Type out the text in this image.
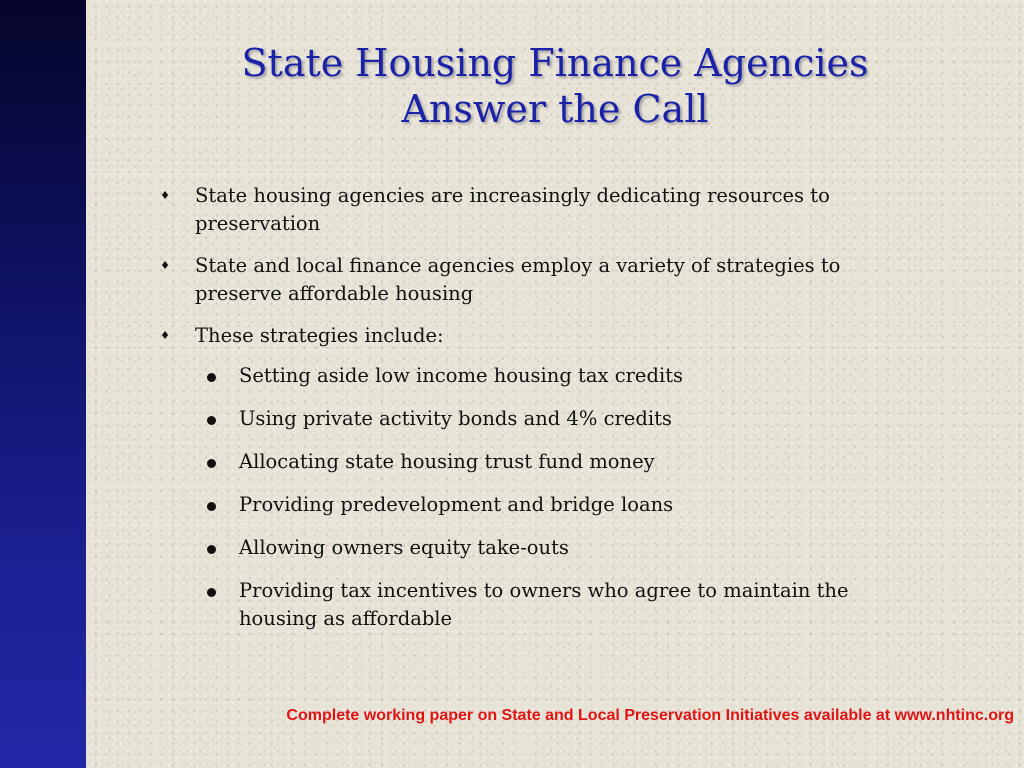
State Housing Finance Agencies
Answer the Call
♦ State housing agencies are increasingly dedicating resources to preservation
♦ State and local finance agencies employ a variety of strategies to preserve affordable housing
♦ These strategies include:
Setting aside low income housing tax credits
Using private activity bonds and 4% credits
Allocating state housing trust fund money
Providing predevelopment and bridge loans
Allowing owners equity take-outs
Providing tax incentives to owners who agree to maintain the housing as affordable
Complete working paper on State and Local Preservation Initiatives available at www.nhtinc.org
